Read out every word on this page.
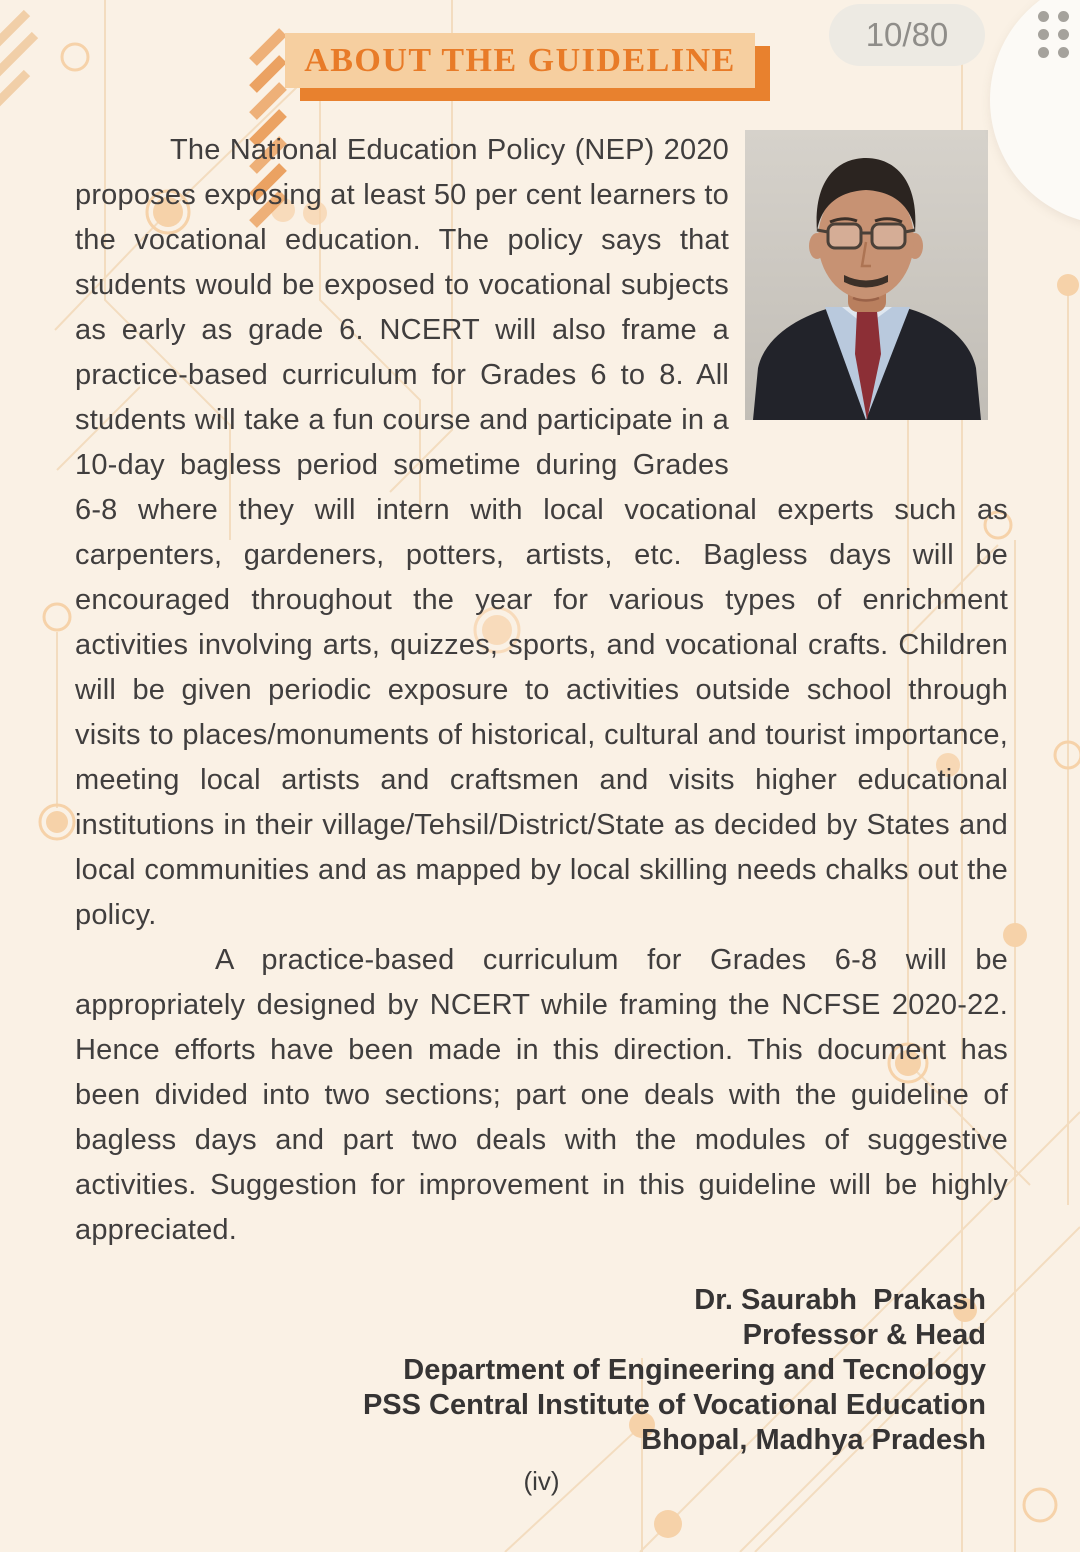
ABOUT THE GUIDELINE
10/80

The National Education Policy (NEP) 2020 proposes exposing at least 50 per cent learners to the vocational education. The policy says that students would be exposed to vocational subjects as early as grade 6. NCERT will also frame a practice-based curriculum for Grades 6 to 8. All students will take a fun course and participate in a 10-day bagless period sometime during Grades 6-8 where they will intern with local vocational experts such as carpenters, gardeners, potters, artists, etc. Bagless days will be encouraged throughout the year for various types of enrichment activities involving arts, quizzes, sports, and vocational crafts. Children will be given periodic exposure to activities outside school through visits to places/monuments of historical, cultural and tourist importance, meeting local artists and craftsmen and visits higher educational institutions in their village/Tehsil/District/State as decided by States and local communities and as mapped by local skilling needs chalks out the policy.

A practice-based curriculum for Grades 6-8 will be appropriately designed by NCERT while framing the NCFSE 2020-22. Hence efforts have been made in this direction. This document has been divided into two sections; part one deals with the guideline of bagless days and part two deals with the modules of suggestive activities. Suggestion for improvement in this guideline will be highly appreciated.

Dr. Saurabh  Prakash
Professor & Head
Department of Engineering and Tecnology
PSS Central Institute of Vocational Education
Bhopal, Madhya Pradesh
(iv)
